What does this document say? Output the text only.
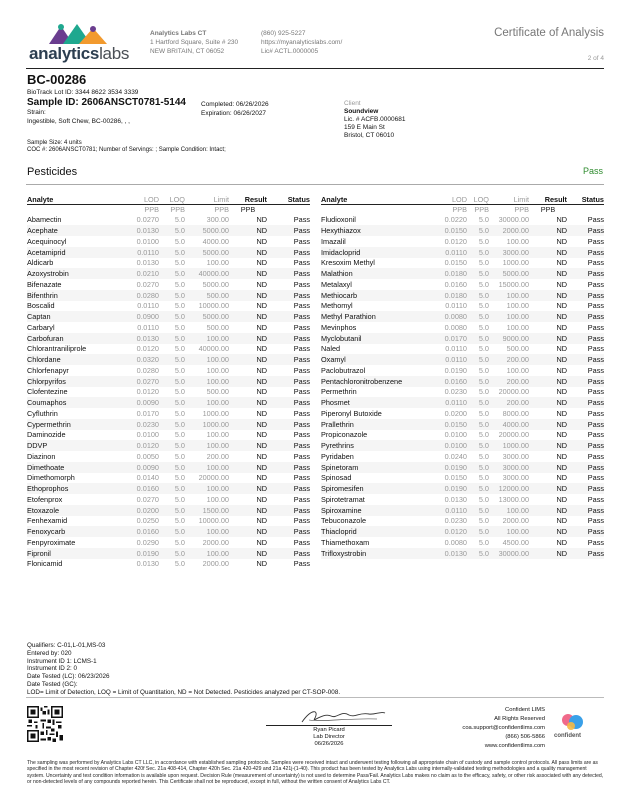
analyticslabs
Analytics Labs CT
1 Hartford Square, Suite # 230
NEW BRITAIN, CT 06052
(860) 925-5227
https://myanalyticslabs.com/
Lic# ACTL.0000005
Certificate of Analysis
2 of 4
BC-00286
BioTrack Lot ID: 3344 8622 3534 3339
Sample ID: 2606ANSCT0781-5144 Completed: 06/26/2026
Expiration: 06/26/2027
Strain:
Ingestible, Soft Chew, BC-00286, , ,
Client
Soundview
Lic. # ACFB.0000681
159 E Main St
Bristol, CT 06010
Sample Size: 4 units
COC #: 2606ANSCT0781; Number of Servings: ; Sample Condition: Intact;
Pesticides	Pass
Analyte	LOD	LOQ	Limit	Result	Status
	PPB	PPB	PPB	PPB	
Abamectin	0.0270	5.0	300.00	ND	Pass
Acephate	0.0130	5.0	5000.00	ND	Pass
Acequinocyl	0.0100	5.0	4000.00	ND	Pass
Acetamiprid	0.0110	5.0	5000.00	ND	Pass
Aldicarb	0.0130	5.0	100.00	ND	Pass
Azoxystrobin	0.0210	5.0	40000.00	ND	Pass
Bifenazate	0.0270	5.0	5000.00	ND	Pass
Bifenthrin	0.0280	5.0	500.00	ND	Pass
Boscalid	0.0110	5.0	10000.00	ND	Pass
Captan	0.0900	5.0	5000.00	ND	Pass
Carbaryl	0.0110	5.0	500.00	ND	Pass
Carbofuran	0.0130	5.0	100.00	ND	Pass
Chlorantraniliprole	0.0120	5.0	40000.00	ND	Pass
Chlordane	0.0320	5.0	100.00	ND	Pass
Chlorfenapyr	0.0280	5.0	100.00	ND	Pass
Chlorpyrifos	0.0270	5.0	100.00	ND	Pass
Clofentezine	0.0120	5.0	500.00	ND	Pass
Coumaphos	0.0090	5.0	100.00	ND	Pass
Cyfluthrin	0.0170	5.0	1000.00	ND	Pass
Cypermethrin	0.0230	5.0	1000.00	ND	Pass
Daminozide	0.0100	5.0	100.00	ND	Pass
DDVP	0.0120	5.0	100.00	ND	Pass
Diazinon	0.0050	5.0	200.00	ND	Pass
Dimethoate	0.0090	5.0	100.00	ND	Pass
Dimethomorph	0.0140	5.0	20000.00	ND	Pass
Ethoprophos	0.0160	5.0	100.00	ND	Pass
Etofenprox	0.0270	5.0	100.00	ND	Pass
Etoxazole	0.0200	5.0	1500.00	ND	Pass
Fenhexamid	0.0250	5.0	10000.00	ND	Pass
Fenoxycarb	0.0160	5.0	100.00	ND	Pass
Fenpyroximate	0.0290	5.0	2000.00	ND	Pass
Fipronil	0.0190	5.0	100.00	ND	Pass
Flonicamid	0.0130	5.0	2000.00	ND	Pass
Analyte	LOD	LOQ	Limit	Result	Status
	PPB	PPB	PPB	PPB	
Fludioxonil	0.0220	5.0	30000.00	ND	Pass
Hexythiazox	0.0150	5.0	2000.00	ND	Pass
Imazalil	0.0120	5.0	100.00	ND	Pass
Imidacloprid	0.0110	5.0	3000.00	ND	Pass
Kresoxim Methyl	0.0150	5.0	1000.00	ND	Pass
Malathion	0.0180	5.0	5000.00	ND	Pass
Metalaxyl	0.0160	5.0	15000.00	ND	Pass
Methiocarb	0.0180	5.0	100.00	ND	Pass
Methomyl	0.0110	5.0	100.00	ND	Pass
Methyl Parathion	0.0080	5.0	100.00	ND	Pass
Mevinphos	0.0080	5.0	100.00	ND	Pass
Myclobutanil	0.0170	5.0	9000.00	ND	Pass
Naled	0.0110	5.0	500.00	ND	Pass
Oxamyl	0.0110	5.0	200.00	ND	Pass
Paclobutrazol	0.0190	5.0	100.00	ND	Pass
Pentachloronitrobenzene	0.0160	5.0	200.00	ND	Pass
Permethrin	0.0230	5.0	20000.00	ND	Pass
Phosmet	0.0110	5.0	200.00	ND	Pass
Piperonyl Butoxide	0.0200	5.0	8000.00	ND	Pass
Prallethrin	0.0150	5.0	4000.00	ND	Pass
Propiconazole	0.0100	5.0	20000.00	ND	Pass
Pyrethrins	0.0100	5.0	1000.00	ND	Pass
Pyridaben	0.0240	5.0	3000.00	ND	Pass
Spinetoram	0.0190	5.0	3000.00	ND	Pass
Spinosad	0.0150	5.0	3000.00	ND	Pass
Spiromesifen	0.0190	5.0	12000.00	ND	Pass
Spirotetramat	0.0130	5.0	13000.00	ND	Pass
Spiroxamine	0.0110	5.0	100.00	ND	Pass
Tebuconazole	0.0230	5.0	2000.00	ND	Pass
Thiacloprid	0.0120	5.0	100.00	ND	Pass
Thiamethoxam	0.0080	5.0	4500.00	ND	Pass
Trifloxystrobin	0.0130	5.0	30000.00	ND	Pass
Qualifiers: C-01,L-01,MS-03
Entered by: 020
Instrument ID 1: LCMS-1
Instrument ID 2: 0
Date Tested (LC): 06/23/2026
Date Tested (GC):
LOD= Limit of Detection, LOQ = Limit of Quantitation, ND = Not Detected. Pesticides analyzed per CT-SOP-008.
Ryan Picard
Lab Director
06/26/2026
Confident LIMS
All Rights Reserved
coa.support@confidentlims.com
(866) 506-5866
www.confidentlims.com
confident
The sampling was performed by Analytics Labs CT LLC, in accordance with established sampling protocols. Samples were received intact and underwent testing following all appropriate chain of custody and sample control protocols. All pass limits are as specified in the most recent revision of Chapter 420f Sec. 21a 408-414, Chapter 420h Sec. 21a 420-429 and 21a 421j-(1-40). This product has been tested by Analytics Labs using internally-validated testing methodologies and a quality management system. Uncertainty and test condition information is available upon request. Decision Rule (measurement of uncertainty) is not used to determine Pass/Fail. Analytics Labs makes no claim as to the efficacy, safety, or other risk associated with any detected, or non-detected levels of any compounds reported herein. This Certificate shall not be reproduced, except in full, without the written consent of Analytics Labs CT.
